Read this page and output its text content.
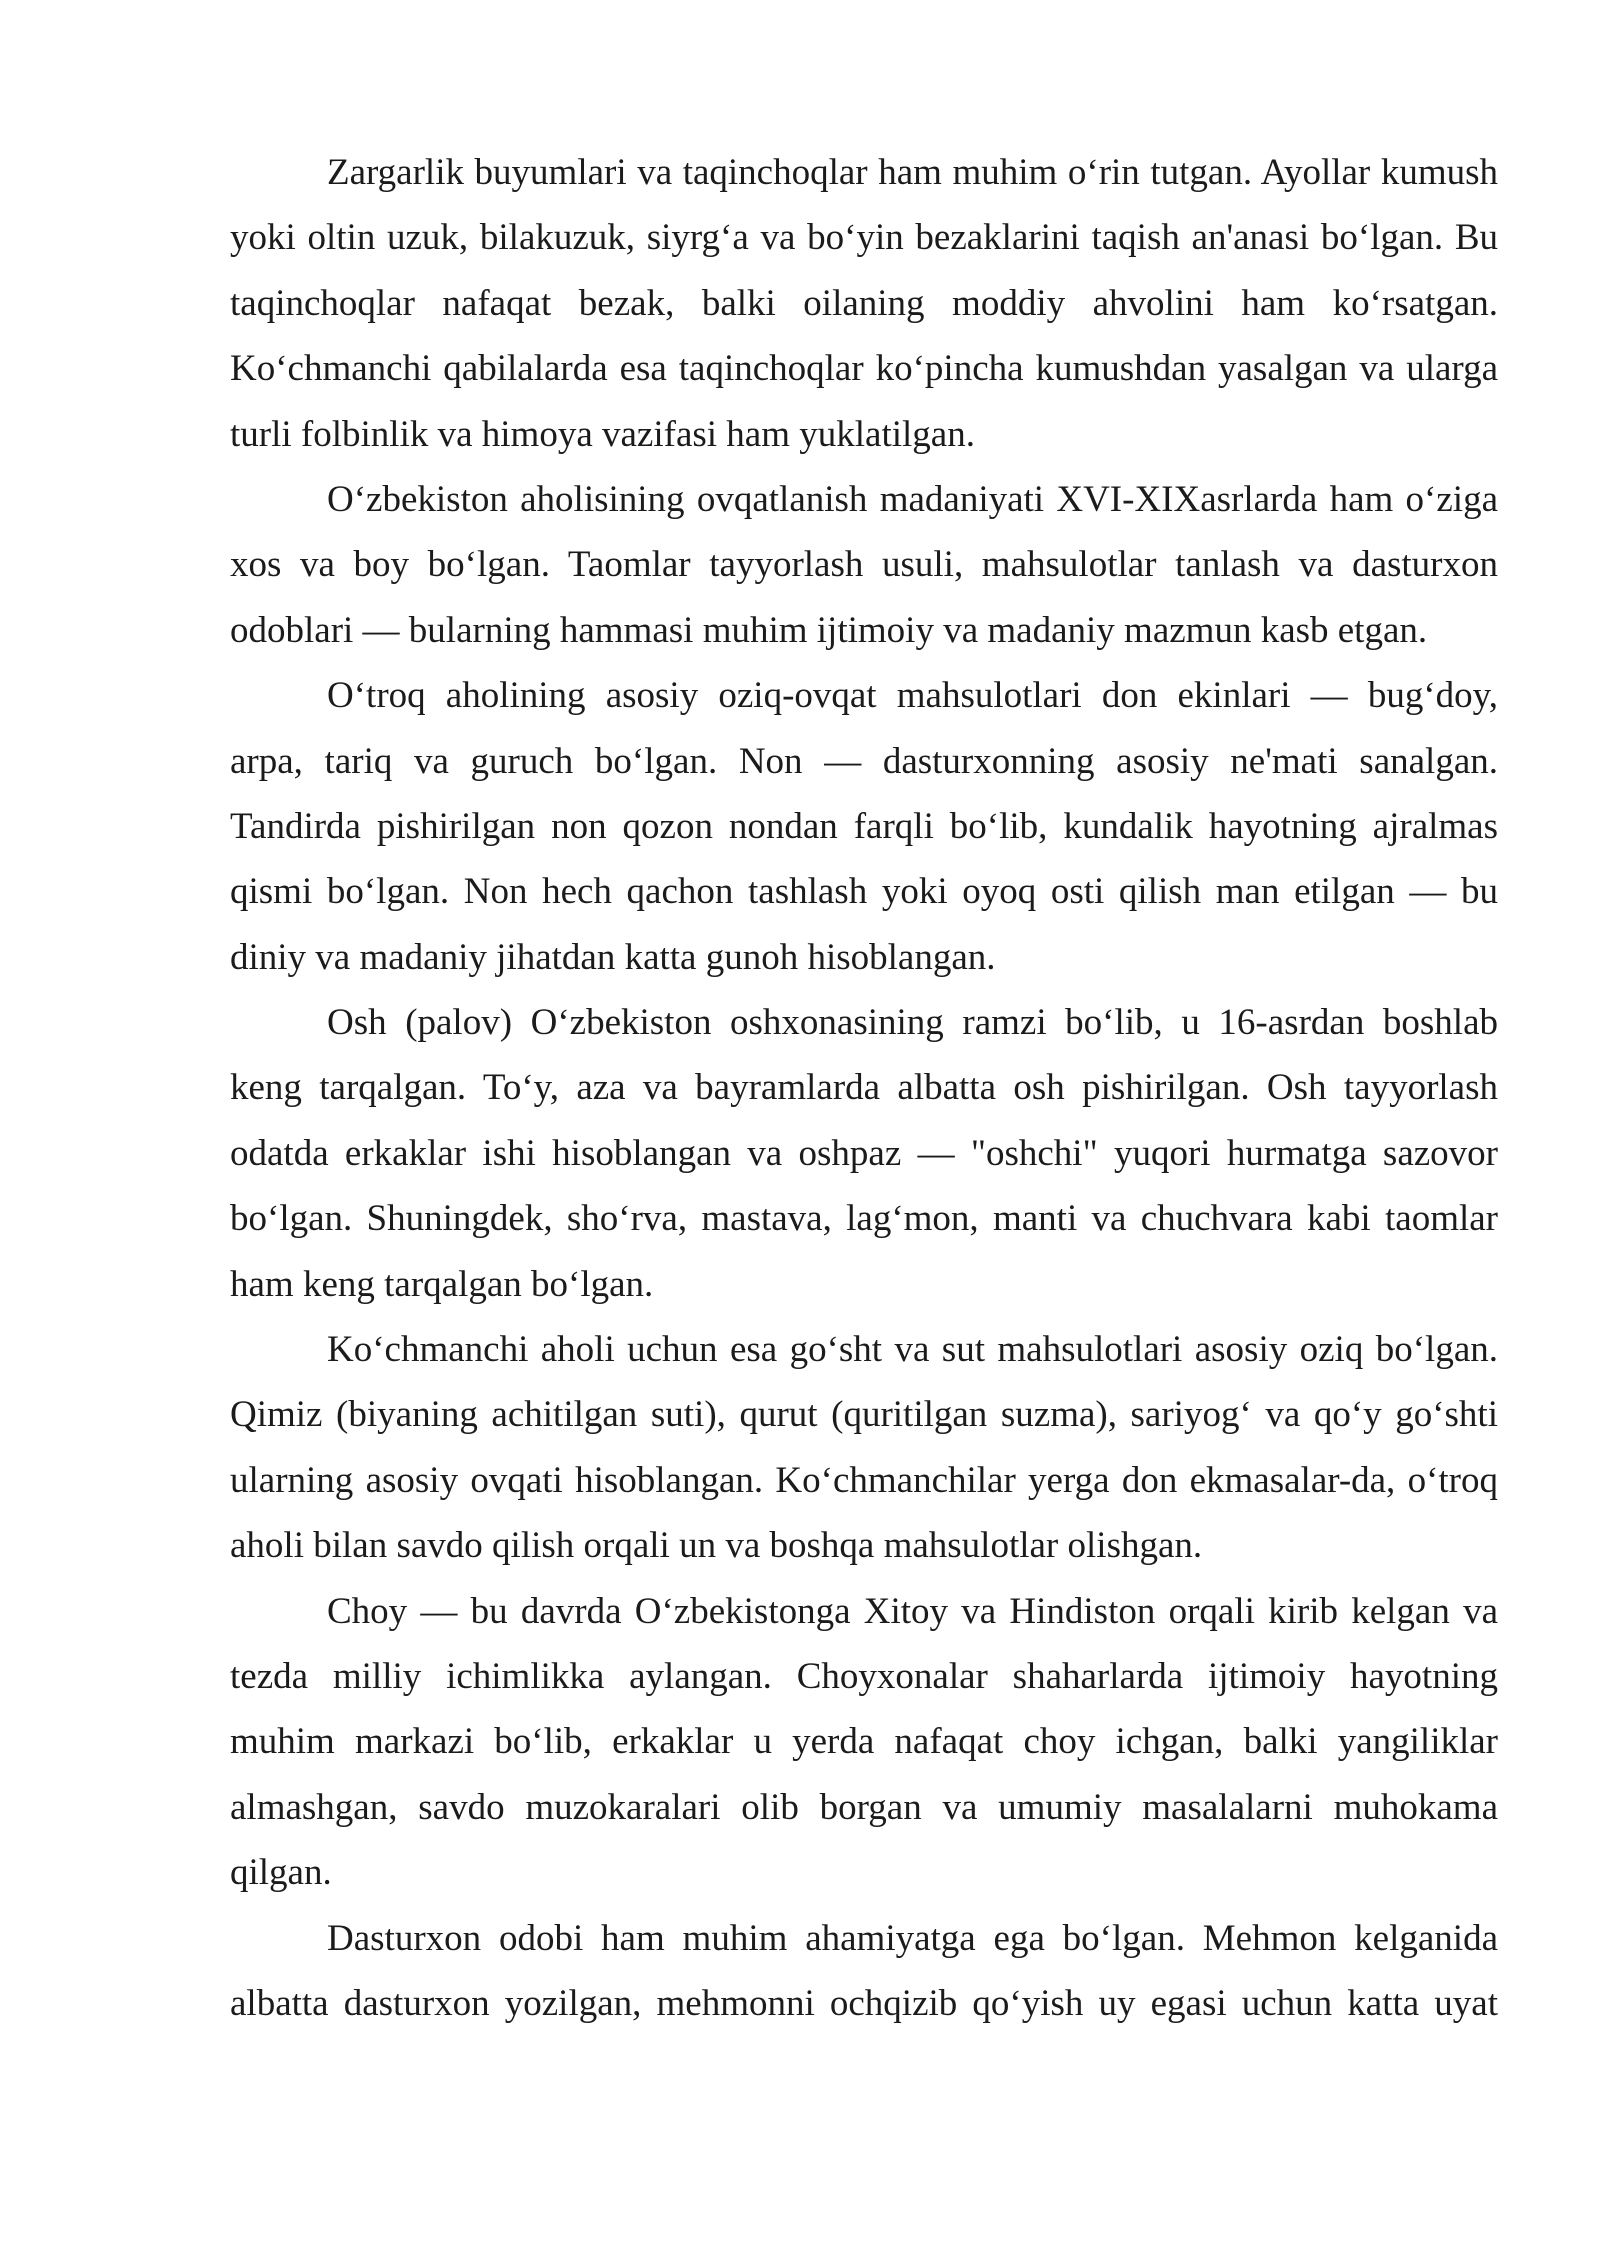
Zargarlik buyumlari va taqinchoqlar ham muhim o‘rin tutgan. Ayollar kumush
yoki oltin uzuk, bilakuzuk, siyrg‘a va bo‘yin bezaklarini taqish an'anasi bo‘lgan. Bu
taqinchoqlar nafaqat bezak, balki oilaning moddiy ahvolini ham ko‘rsatgan.
Ko‘chmanchi qabilalarda esa taqinchoqlar ko‘pincha kumushdan yasalgan va ularga
turli folbinlik va himoya vazifasi ham yuklatilgan.
O‘zbekiston aholisining ovqatlanish madaniyati XVI-XIXasrlarda ham o‘ziga
xos va boy bo‘lgan. Taomlar tayyorlash usuli, mahsulotlar tanlash va dasturxon
odoblari — bularning hammasi muhim ijtimoiy va madaniy mazmun kasb etgan.
O‘troq aholining asosiy oziq-ovqat mahsulotlari don ekinlari — bug‘doy,
arpa, tariq va guruch bo‘lgan. Non — dasturxonning asosiy ne'mati sanalgan.
Tandirda pishirilgan non qozon nondan farqli bo‘lib, kundalik hayotning ajralmas
qismi bo‘lgan. Non hech qachon tashlash yoki oyoq osti qilish man etilgan — bu
diniy va madaniy jihatdan katta gunoh hisoblangan.
Osh (palov) O‘zbekiston oshxonasining ramzi bo‘lib, u 16-asrdan boshlab
keng tarqalgan. To‘y, aza va bayramlarda albatta osh pishirilgan. Osh tayyorlash
odatda erkaklar ishi hisoblangan va oshpaz — "oshchi" yuqori hurmatga sazovor
bo‘lgan. Shuningdek, sho‘rva, mastava, lag‘mon, manti va chuchvara kabi taomlar
ham keng tarqalgan bo‘lgan.
Ko‘chmanchi aholi uchun esa go‘sht va sut mahsulotlari asosiy oziq bo‘lgan.
Qimiz (biyaning achitilgan suti), qurut (quritilgan suzma), sariyog‘ va qo‘y go‘shti
ularning asosiy ovqati hisoblangan. Ko‘chmanchilar yerga don ekmasalar-da, o‘troq
aholi bilan savdo qilish orqali un va boshqa mahsulotlar olishgan.
Choy — bu davrda O‘zbekistonga Xitoy va Hindiston orqali kirib kelgan va
tezda milliy ichimlikka aylangan. Choyxonalar shaharlarda ijtimoiy hayotning
muhim markazi bo‘lib, erkaklar u yerda nafaqat choy ichgan, balki yangiliklar
almashgan, savdo muzokaralari olib borgan va umumiy masalalarni muhokama
qilgan.
Dasturxon odobi ham muhim ahamiyatga ega bo‘lgan. Mehmon kelganida
albatta dasturxon yozilgan, mehmonni ochqizib qo‘yish uy egasi uchun katta uyat
